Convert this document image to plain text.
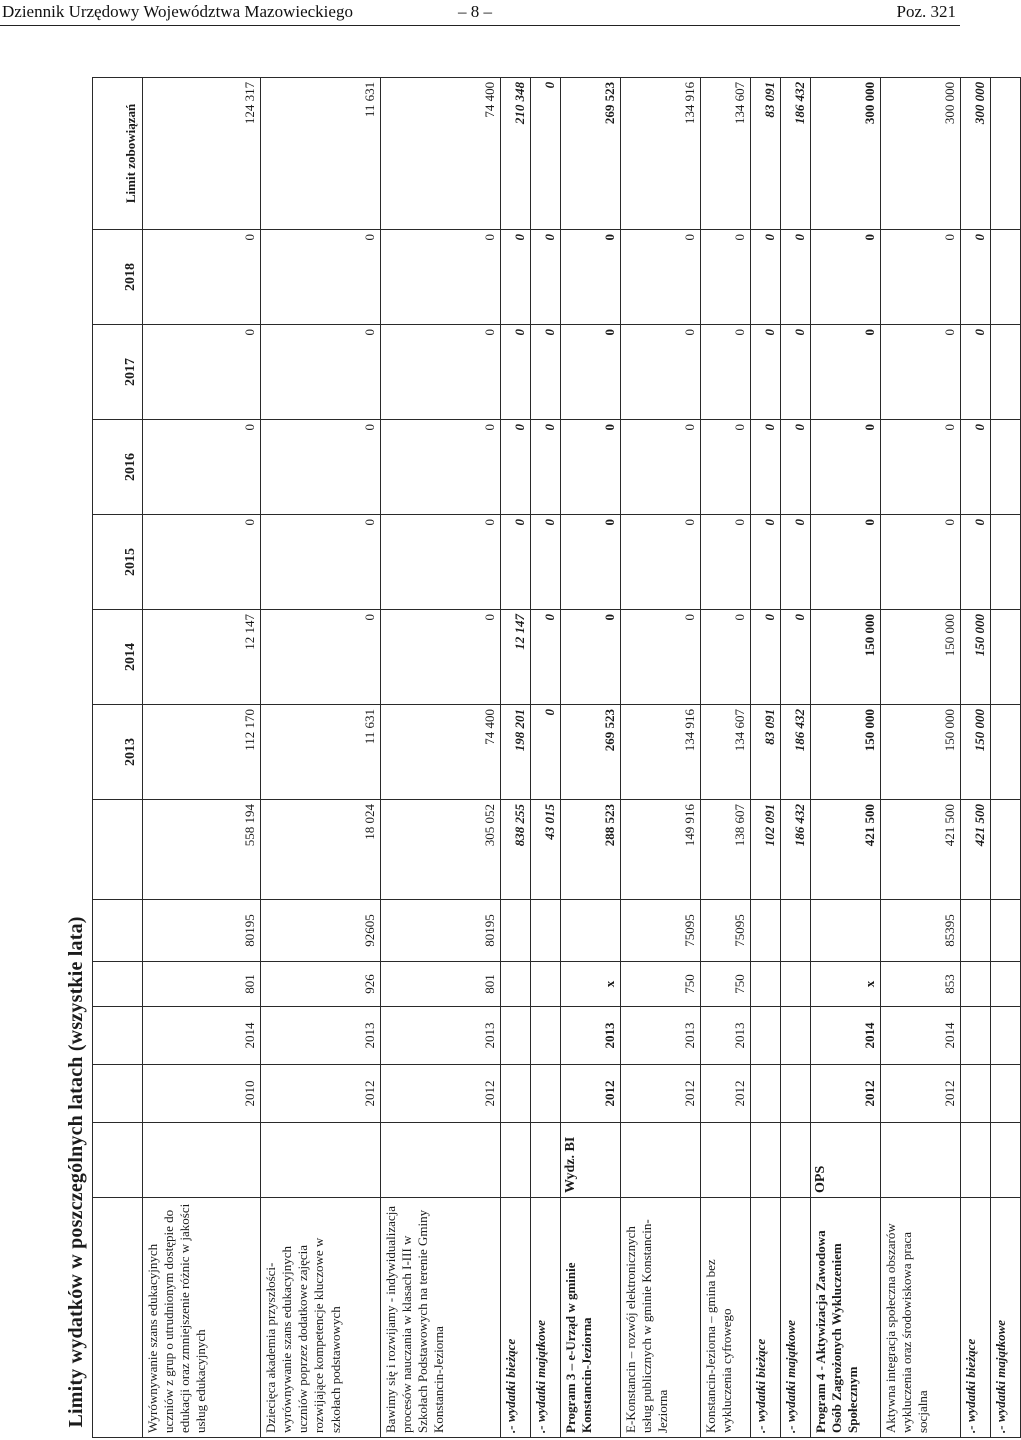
Dziennik Urzędowy Województwa Mazowieckiego	– 8 –	Poz. 321
Limity wydatków w poszczególnych latach (wszystkie lata)													
							2013	2014	2015	2016	2017	2018	Limit zobowiązań
Wyrównywanie szans edukacyjnych uczniów z grup o utrudnionym dostępie do edukacji oraz zmniejszenie różnic w jakości usług edukacyjnych		2010	2014	801	80195	558 194	112 170	12 147	0	0	0	0	124 317
Dziecięca akademia przyszłości-wyrównywanie szans edukacyjnych uczniów poprzez dodatkowe zajęcia rozwijające kompetencje kluczowe w szkołach podstawowych		2012	2013	926	92605	18 024	11 631	0	0	0	0	0	11 631
Bawimy się i rozwijamy - indywidualizacja procesów nauczania w klasach I-III w Szkołach Podstawowych na terenie Gminy Konstancin-Jeziorna		2012	2013	801	80195	305 052	74 400	0	0	0	0	0	74 400
.- wydatki bieżące						838 255	198 201	12 147	0	0	0	0	210 348
.- wydatki majątkowe						43 015	0	0	0	0	0	0	0
Program 3 – e-Urząd w gminie Konstancin-Jeziorna	Wydz. BI	2012	2013	x		288 523	269 523	0	0	0	0	0	269 523
E-Konstancin – rozwój elektronicznych usług publicznych w gminie Konstancin-Jeziorna		2012	2013	750	75095	149 916	134 916	0	0	0	0	0	134 916
Konstancin-Jeziorna – gmina bez wykluczenia cyfrowego		2012	2013	750	75095	138 607	134 607	0	0	0	0	0	134 607
.- wydatki bieżące						102 091	83 091	0	0	0	0	0	83 091
.- wydatki majątkowe						186 432	186 432	0	0	0	0	0	186 432
Program 4 - Aktywizacja Zawodowa Osób Zagrożonych Wykluczeniem Społecznym	OPS	2012	2014	x		421 500	150 000	150 000	0	0	0	0	300 000
Aktywna integracja społeczna obszarów wykluczenia oraz środowiskowa praca socjalna		2012	2014	853	85395	421 500	150 000	150 000	0	0	0	0	300 000
.- wydatki bieżące						421 500	150 000	150 000	0	0	0	0	300 000
.- wydatki majątkowe													
